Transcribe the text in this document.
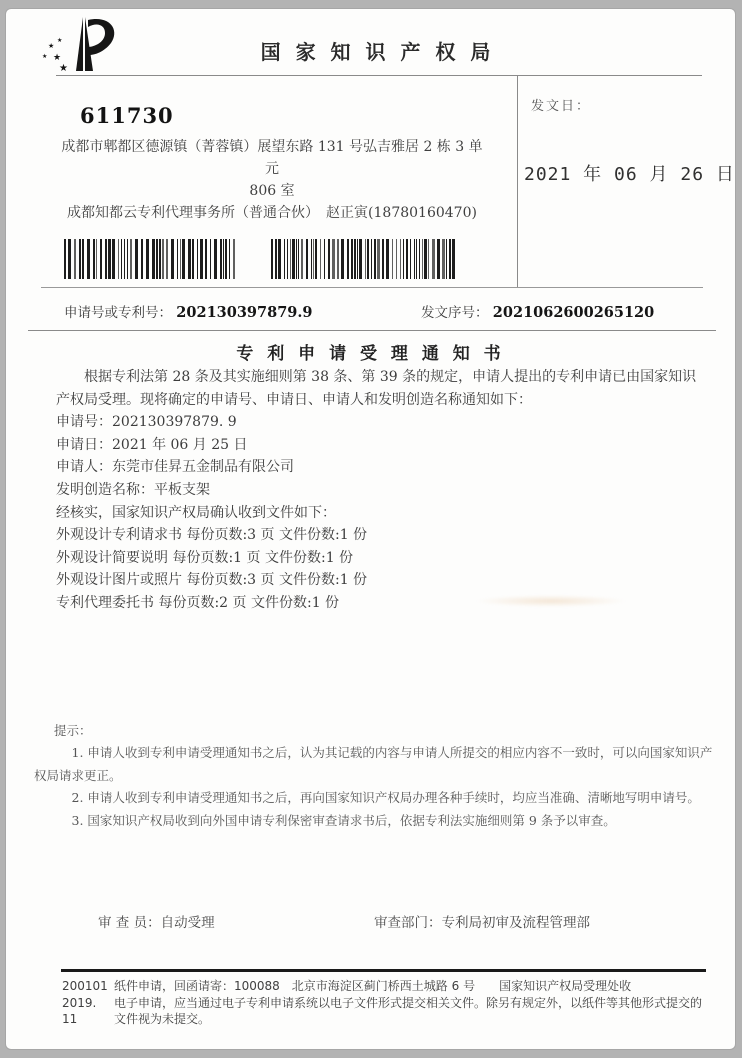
★
★
★ ★
★
国 家 知 识 产 权 局
611730
成都市郫都区德源镇（菁蓉镇）展望东路 131 号弘吉雅居 2 栋 3 单元
806 室
成都知都云专利代理事务所（普通合伙）　赵正寅(18780160470)
发文日：
2021 年 06 月 26 日
申请号或专利号： 202130397879.9	发文序号： 2021062600265120
专 利 申 请 受 理 通 知 书

根据专利法第 28 条及其实施细则第 38 条、第 39 条的规定，申请人提出的专利申请已由国家知识产权局受理。现将确定的申请号、申请日、申请人和发明创造名称通知如下：

申请号：202130397879. 9

申请日：2021 年 06 月 25 日

申请人：东莞市佳昇五金制品有限公司

发明创造名称：平板支架

经核实，国家知识产权局确认收到文件如下：

外观设计专利请求书 每份页数:3 页 文件份数:1 份

外观设计简要说明 每份页数:1 页 文件份数:1 份

外观设计图片或照片 每份页数:3 页 文件份数:1 份

专利代理委托书 每份页数:2 页 文件份数:1 份

提示：

1. 申请人收到专利申请受理通知书之后，认为其记载的内容与申请人所提交的相应内容不一致时，可以向国家知识产权局请求更正。

2. 申请人收到专利申请受理通知书之后，再向国家知识产权局办理各种手续时，均应当准确、清晰地写明申请号。

3. 国家知识产权局收到向外国申请专利保密审查请求书后，依据专利法实施细则第 9 条予以审查。

审 查 员：自动受理	审查部门：专利局初审及流程管理部
200101 纸件申请，回函请寄：100088　北京市海淀区蓟门桥西土城路 6 号　　国家知识产权局受理处收
2019. 11
电子申请，应当通过电子专利申请系统以电子文件形式提交相关文件。除另有规定外，以纸件等其他形式提交的文件视为未提交。
